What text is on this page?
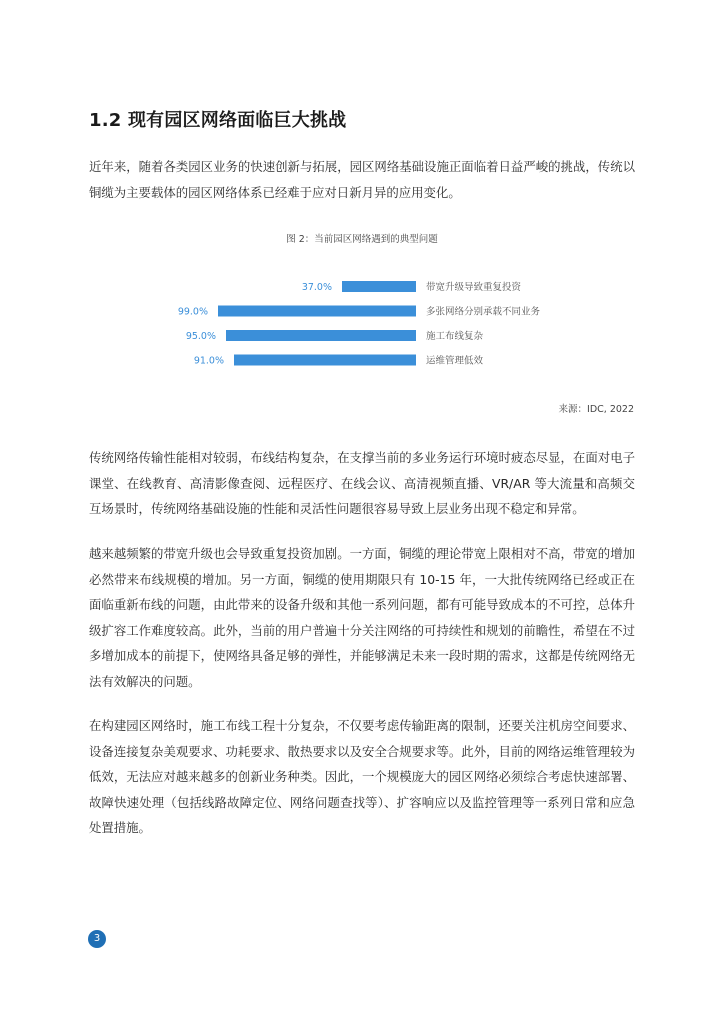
1.2 现有园区网络面临巨大挑战

近年来，随着各类园区业务的快速创新与拓展，园区网络基础设施正面临着日益严峻的挑战，传统以铜缆为主要载体的园区网络体系已经难于应对日新月异的应用变化。

图 2：当前园区网络遇到的典型问题
37.0%	带宽升级导致重复投资
99.0%	多张网络分别承载不同业务
95.0%	施工布线复杂
91.0%	运维管理低效
来源：IDC, 2022

传统网络传输性能相对较弱，布线结构复杂，在支撑当前的多业务运行环境时疲态尽显，在面对电子课堂、在线教育、高清影像查阅、远程医疗、在线会议、高清视频直播、VR/AR 等大流量和高频交互场景时，传统网络基础设施的性能和灵活性问题很容易导致上层业务出现不稳定和异常。

越来越频繁的带宽升级也会导致重复投资加剧。一方面，铜缆的理论带宽上限相对不高，带宽的增加必然带来布线规模的增加。另一方面，铜缆的使用期限只有 10-15 年，一大批传统网络已经或正在面临重新布线的问题，由此带来的设备升级和其他一系列问题，都有可能导致成本的不可控，总体升级扩容工作难度较高。此外，当前的用户普遍十分关注网络的可持续性和规划的前瞻性，希望在不过多增加成本的前提下，使网络具备足够的弹性，并能够满足未来一段时期的需求，这都是传统网络无法有效解决的问题。

在构建园区网络时，施工布线工程十分复杂，不仅要考虑传输距离的限制，还要关注机房空间要求、设备连接复杂美观要求、功耗要求、散热要求以及安全合规要求等。此外，目前的网络运维管理较为低效，无法应对越来越多的创新业务种类。因此，一个规模庞大的园区网络必须综合考虑快速部署、故障快速处理（包括线路故障定位、网络问题查找等）、扩容响应以及监控管理等一系列日常和应急处置措施。

3
